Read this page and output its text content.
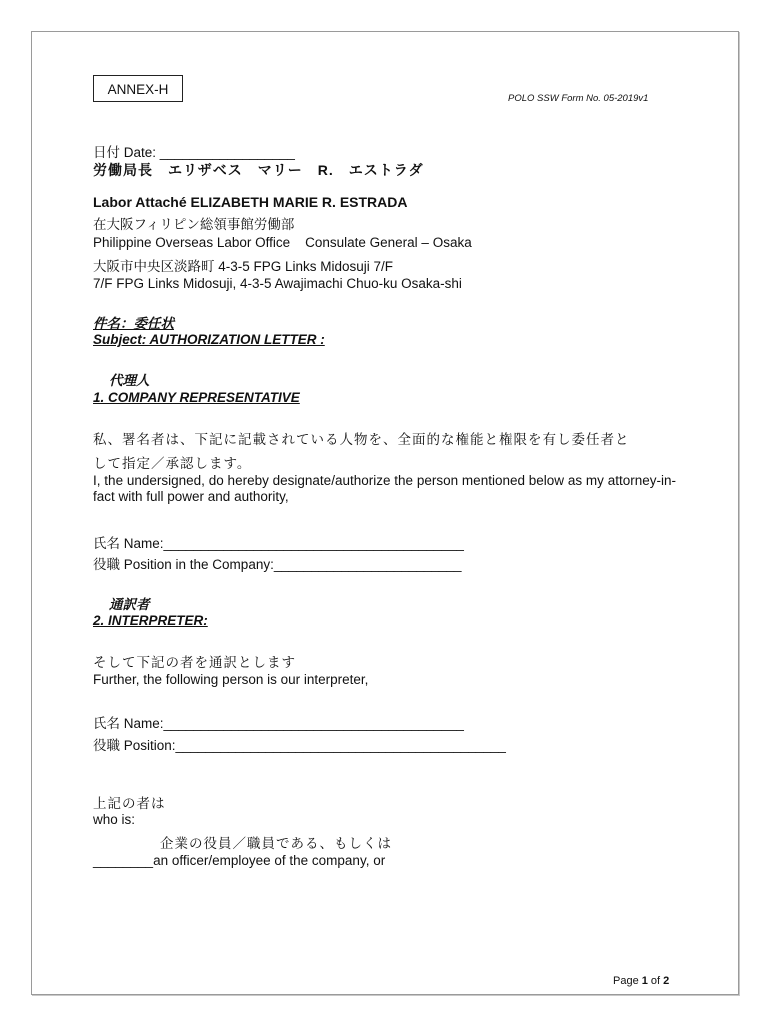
ANNEX-H
POLO SSW Form No. 05-2019v1
日付 Date: __________________
労働局長　エリザベス　マリー　R.　エストラダ
Labor Attaché ELIZABETH MARIE R. ESTRADA
在大阪フィリピン総領事館労働部
Philippine Overseas Labor Office    Consulate General – Osaka
大阪市中央区淡路町 4-3-5 FPG Links Midosuji 7/F
7/F FPG Links Midosuji, 4-3-5 Awajimachi Chuo-ku Osaka-shi
件名：委任状
Subject: AUTHORIZATION LETTER :
代理人
1. COMPANY REPRESENTATIVE
私、署名者は、下記に記載されている人物を、全面的な権能と権限を有し委任者と
して指定／承認します。
I, the undersigned, do hereby designate/authorize the person mentioned below as my attorney-in-fact with full power and authority,
氏名 Name:________________________________________
役職 Position in the Company:_________________________
通訳者
2. INTERPRETER:
そして下記の者を通訳とします
Further, the following person is our interpreter,
氏名 Name:________________________________________
役職 Position:____________________________________________
上記の者は
who is:
企業の役員／職員である、もしくは
________an officer/employee of the company, or
Page 1 of 2
